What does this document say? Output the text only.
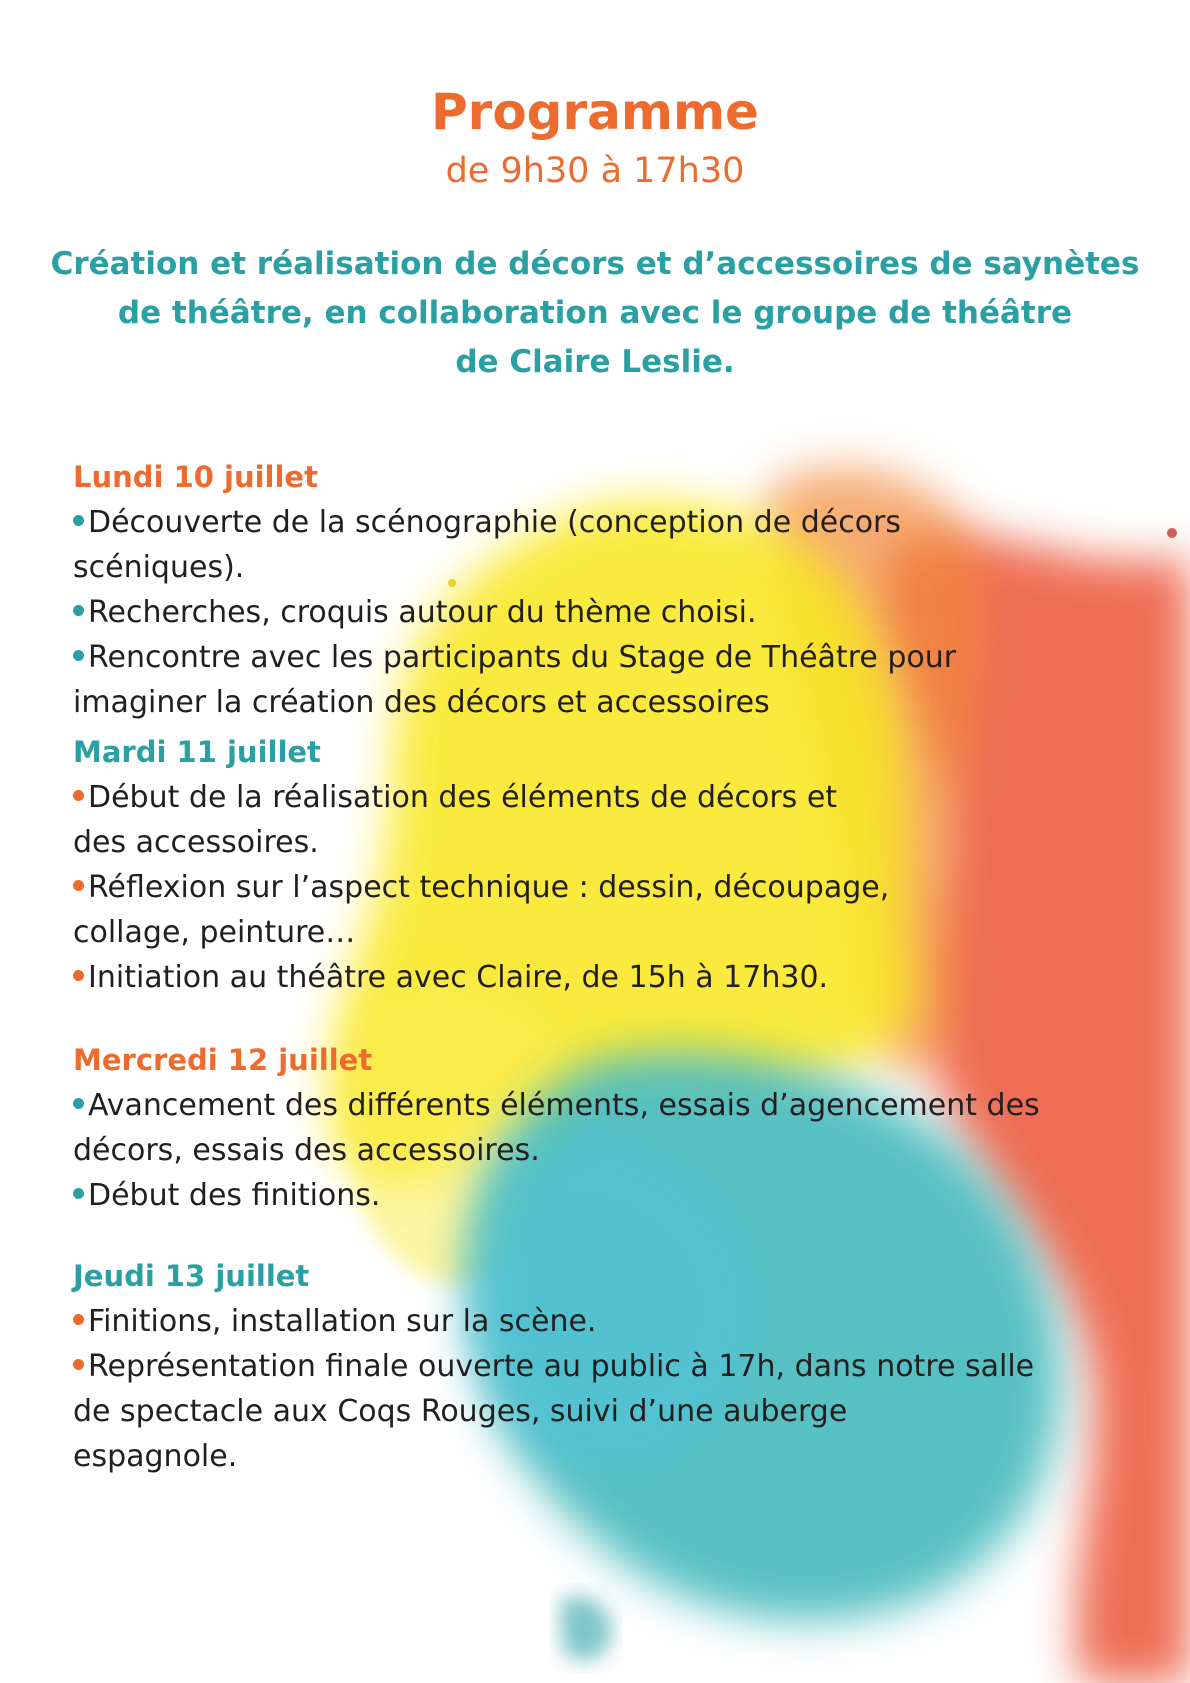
Programme
de 9h30 à 17h30
Création et réalisation de décors et d’accessoires de saynètes
de théâtre, en collaboration avec le groupe de théâtre
de Claire Leslie.
Lundi 10 juillet
Découverte de la scénographie (conception de décors
scéniques).
Recherches, croquis autour du thème choisi.
Rencontre avec les participants du Stage de Théâtre pour
imaginer la création des décors et accessoires
Mardi 11 juillet
Début de la réalisation des éléments de décors et
des accessoires.
Réflexion sur l’aspect technique : dessin, découpage,
collage, peinture…
Initiation au théâtre avec Claire, de 15h à 17h30.
Mercredi 12 juillet
Avancement des différents éléments, essais d’agencement des
décors, essais des accessoires.
Début des finitions.
Jeudi 13 juillet
Finitions, installation sur la scène.
Représentation finale ouverte au public à 17h, dans notre salle
de spectacle aux Coqs Rouges, suivi d’une auberge
espagnole.
